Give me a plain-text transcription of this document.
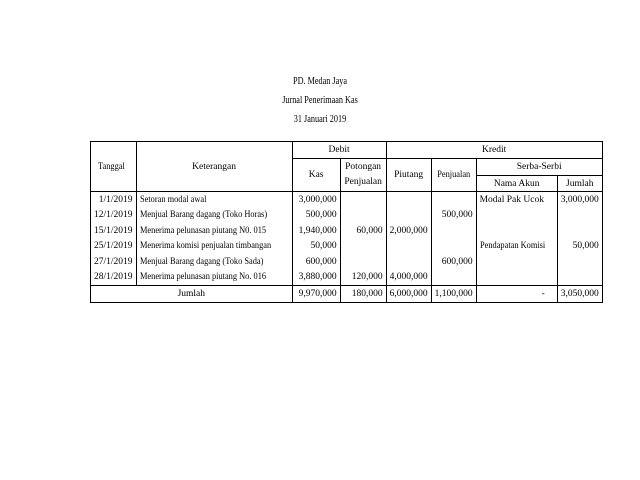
PD. Medan Jaya
Jurnal Penerimaan Kas
31 Januari 2019
Tanggal	Keterangan	Debit		Kredit			
		Kas	Potongan Penjualan	Piutang	Penjualan	Serba-Serbi	
						Nama Akun	Jumlah
1/1/2019	Setoran modal awal	3,000,000				Modal Pak Ucok	3,000,000
12/1/2019	Menjual Barang dagang (Toko Horas)	500,000			500,000		
15/1/2019	Menerima pelunasan piutang N0. 015	1,940,000	60,000	2,000,000			
25/1/2019	Menerima komisi penjualan timbangan	50,000				Pendapatan Komisi	50,000
27/1/2019	Menjual Barang dagang (Toko Sada)	600,000			600,000		
28/1/2019	Menerima pelunasan piutang No. 016	3,880,000	120,000	4,000,000			
Jumlah		9,970,000	180,000	6,000,000	1,100,000	-	3,050,000
